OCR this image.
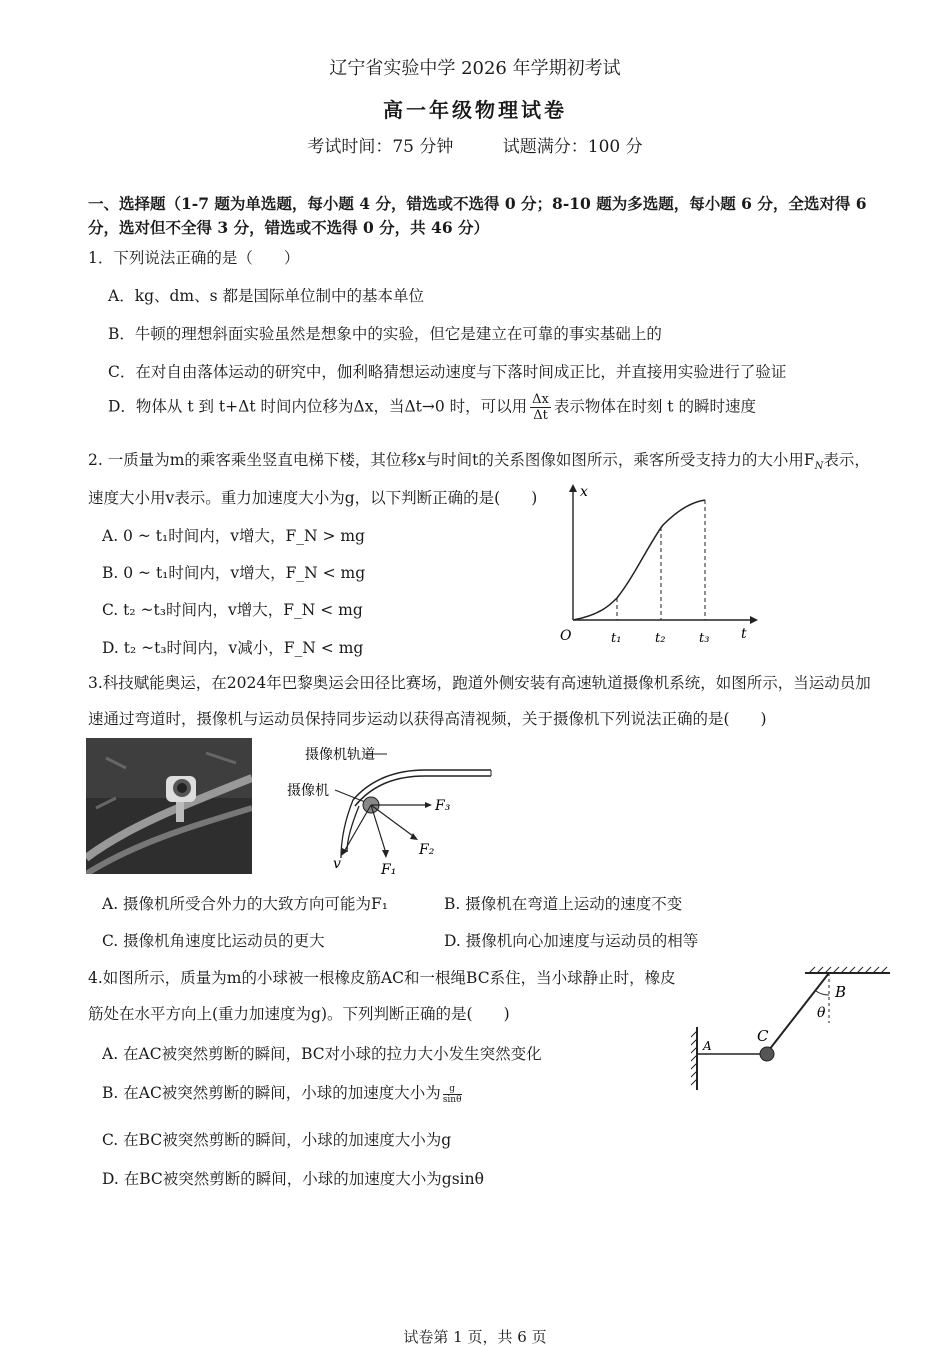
辽宁省实验中学 2026 年学期初考试
高一年级物理试卷
考试时间：75 分钟	试题满分：100 分
一、选择题（1-7 题为单选题，每小题 4 分，错选或不选得 0 分；8-10 题为多选题，每小题 6 分，全选对得 6 分，选对但不全得 3 分，错选或不选得 0 分，共 46 分）
1．下列说法正确的是（　　）
A．kg、dm、s 都是国际单位制中的基本单位
B．牛顿的理想斜面实验虽然是想象中的实验，但它是建立在可靠的事实基础上的
C．在对自由落体运动的研究中，伽利略猜想运动速度与下落时间成正比，并直接用实验进行了验证
D．物体从 t 到 t+Δt 时间内位移为Δx，当Δt→0 时，可以用 $\frac{\Delta x}{\Delta t}$ 表示物体在时刻 t 的瞬时速度
2. 一质量为m的乘客乘坐竖直电梯下楼，其位移x与时间t的关系图像如图所示，乘客所受支持力的大小用$F_N$表示，
速度大小用v表示。重力加速度大小为g，以下判断正确的是(　　)
A. 0 ~ t₁时间内，v增大，F_N > mg
B. 0 ~ t₁时间内，v增大，F_N < mg
C. t₂ ~t₃时间内，v增大，F_N < mg
D. t₂ ~t₃时间内，v减小，F_N < mg
O	t₁	t₂	t₃ t
x
3.科技赋能奥运，在2024年巴黎奥运会田径比赛场，跑道外侧安装有高速轨道摄像机系统，如图所示，当运动员加
速通过弯道时，摄像机与运动员保持同步运动以获得高清视频，关于摄像机下列说法正确的是(　　)
摄像机轨道
摄像机
F₃
F₂
F₁
v
A. 摄像机所受合外力的大致方向可能为F₁	B. 摄像机在弯道上运动的速度不变
C. 摄像机角速度比运动员的更大	D. 摄像机向心加速度与运动员的相等
4.如图所示，质量为m的小球被一根橡皮筋AC和一根绳BC系住，当小球静止时，橡皮
筋处在水平方向上(重力加速度为g)。下列判断正确的是(　　)
A. 在AC被突然剪断的瞬间，BC对小球的拉力大小发生突然变化
B. 在AC被突然剪断的瞬间，小球的加速度大小为 $\frac{g}{\sin\theta}$
C. 在BC被突然剪断的瞬间，小球的加速度大小为g
D. 在BC被突然剪断的瞬间，小球的加速度大小为gsinθ
A
C
B
θ
试卷第 1 页，共 6 页
